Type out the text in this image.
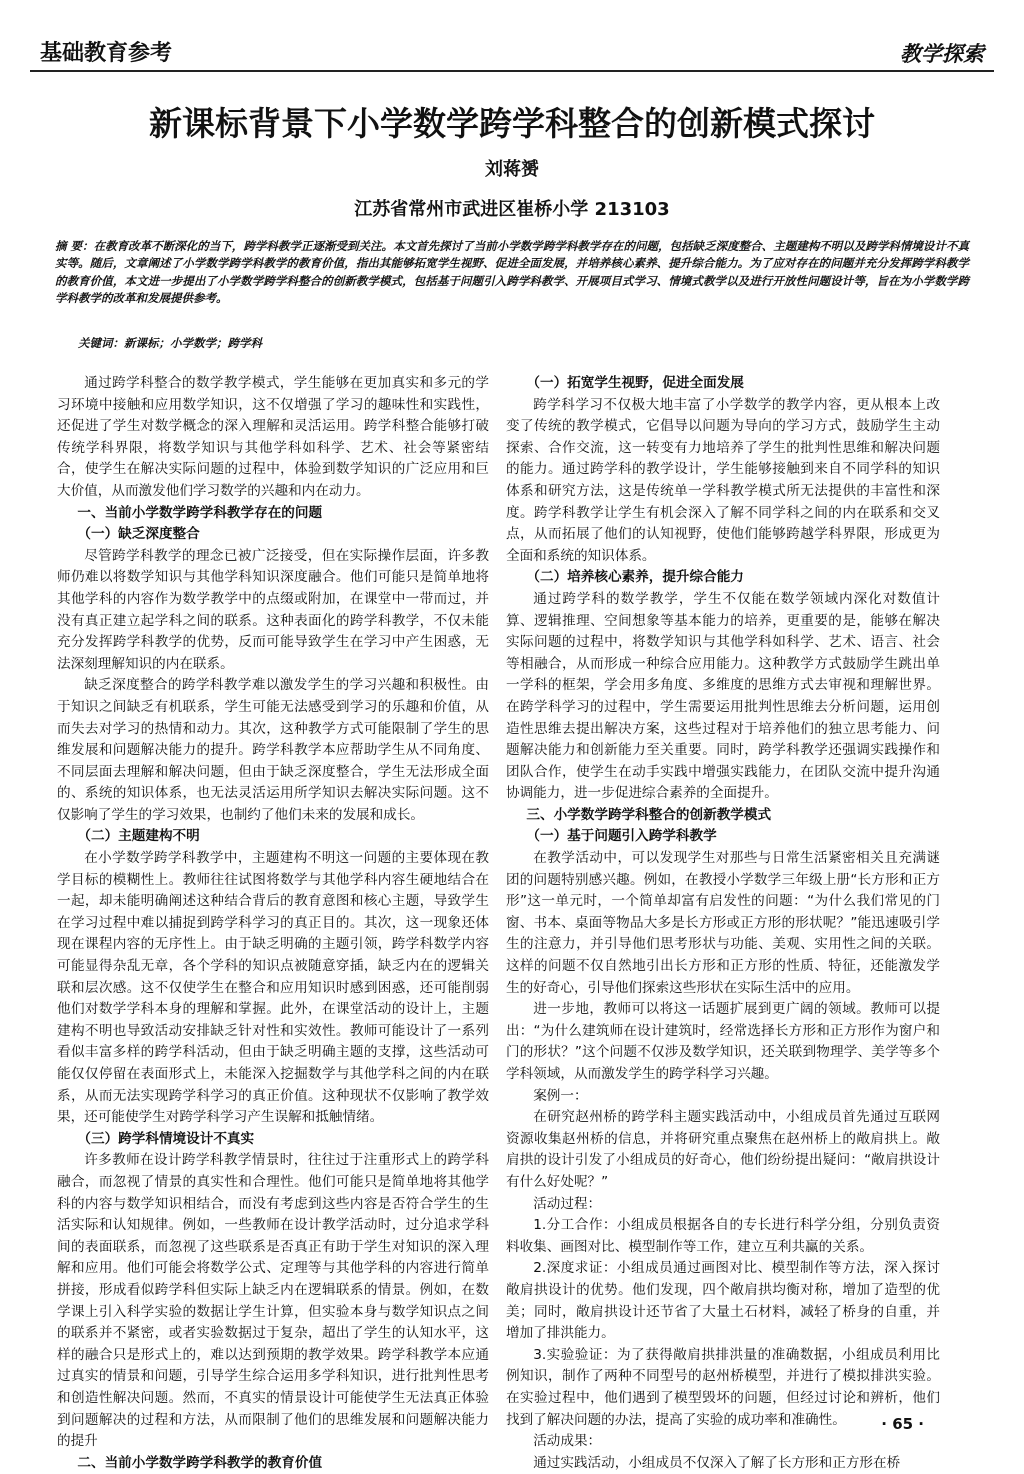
基础教育参考	教学探索
新课标背景下小学数学跨学科整合的创新模式探讨
刘蒋赟
江苏省常州市武进区崔桥小学 213103
摘 要：在教育改革不断深化的当下，跨学科教学正逐渐受到关注。本文首先探讨了当前小学数学跨学科教学存在的问题，包括缺乏深度整合、主题建构不明以及跨学科情境设计不真实等。随后，文章阐述了小学数学跨学科教学的教育价值，指出其能够拓宽学生视野、促进全面发展，并培养核心素养、提升综合能力。为了应对存在的问题并充分发挥跨学科教学的教育价值，本文进一步提出了小学数学跨学科整合的创新教学模式，包括基于问题引入跨学科教学、开展项目式学习、情境式教学以及进行开放性问题设计等，旨在为小学数学跨学科教学的改革和发展提供参考。
关键词：新课标；小学数学；跨学科

通过跨学科整合的数学教学模式，学生能够在更加真实和多元的学习环境中接触和应用数学知识，这不仅增强了学习的趣味性和实践性，还促进了学生对数学概念的深入理解和灵活运用。跨学科整合能够打破传统学科界限，将数学知识与其他学科如科学、艺术、社会等紧密结合，使学生在解决实际问题的过程中，体验到数学知识的广泛应用和巨大价值，从而激发他们学习数学的兴趣和内在动力。

一、当前小学数学跨学科教学存在的问题

（一）缺乏深度整合

尽管跨学科教学的理念已被广泛接受，但在实际操作层面，许多教师仍难以将数学知识与其他学科知识深度融合。他们可能只是简单地将其他学科的内容作为数学教学中的点缀或附加，在课堂中一带而过，并没有真正建立起学科之间的联系。这种表面化的跨学科教学，不仅未能充分发挥跨学科教学的优势，反而可能导致学生在学习中产生困惑，无法深刻理解知识的内在联系。

缺乏深度整合的跨学科教学难以激发学生的学习兴趣和积极性。由于知识之间缺乏有机联系，学生可能无法感受到学习的乐趣和价值，从而失去对学习的热情和动力。其次，这种教学方式可能限制了学生的思维发展和问题解决能力的提升。跨学科教学本应帮助学生从不同角度、不同层面去理解和解决问题，但由于缺乏深度整合，学生无法形成全面的、系统的知识体系，也无法灵活运用所学知识去解决实际问题。这不仅影响了学生的学习效果，也制约了他们未来的发展和成长。

（二）主题建构不明

在小学数学跨学科教学中，主题建构不明这一问题的主要体现在教学目标的模糊性上。教师往往试图将数学与其他学科内容生硬地结合在一起，却未能明确阐述这种结合背后的教育意图和核心主题，导致学生在学习过程中难以捕捉到跨学科学习的真正目的。其次，这一现象还体现在课程内容的无序性上。由于缺乏明确的主题引领，跨学科数学内容可能显得杂乱无章，各个学科的知识点被随意穿插，缺乏内在的逻辑关联和层次感。这不仅使学生在整合和应用知识时感到困惑，还可能削弱他们对数学学科本身的理解和掌握。此外，在课堂活动的设计上，主题建构不明也导致活动安排缺乏针对性和实效性。教师可能设计了一系列看似丰富多样的跨学科活动，但由于缺乏明确主题的支撑，这些活动可能仅仅停留在表面形式上，未能深入挖掘数学与其他学科之间的内在联系，从而无法实现跨学科学习的真正价值。这种现状不仅影响了教学效果，还可能使学生对跨学科学习产生误解和抵触情绪。

（三）跨学科情境设计不真实

许多教师在设计跨学科教学情景时，往往过于注重形式上的跨学科融合，而忽视了情景的真实性和合理性。他们可能只是简单地将其他学科的内容与数学知识相结合，而没有考虑到这些内容是否符合学生的生活实际和认知规律。例如，一些教师在设计教学活动时，过分追求学科间的表面联系，而忽视了这些联系是否真正有助于学生对知识的深入理解和应用。他们可能会将数学公式、定理等与其他学科的内容进行简单拼接，形成看似跨学科但实际上缺乏内在逻辑联系的情景。例如，在数学课上引入科学实验的数据让学生计算，但实验本身与数学知识点之间的联系并不紧密，或者实验数据过于复杂，超出了学生的认知水平，这样的融合只是形式上的，难以达到预期的教学效果。跨学科教学本应通过真实的情景和问题，引导学生综合运用多学科知识，进行批判性思考和创造性解决问题。然而，不真实的情景设计可能使学生无法真正体验到问题解决的过程和方法，从而限制了他们的思维发展和问题解决能力的提升

二、当前小学数学跨学科教学的教育价值

（一）拓宽学生视野，促进全面发展

跨学科学习不仅极大地丰富了小学数学的教学内容，更从根本上改变了传统的教学模式，它倡导以问题为导向的学习方式，鼓励学生主动探索、合作交流，这一转变有力地培养了学生的批判性思维和解决问题的能力。通过跨学科的教学设计，学生能够接触到来自不同学科的知识体系和研究方法，这是传统单一学科教学模式所无法提供的丰富性和深度。跨学科教学让学生有机会深入了解不同学科之间的内在联系和交叉点，从而拓展了他们的认知视野，使他们能够跨越学科界限，形成更为全面和系统的知识体系。

（二）培养核心素养，提升综合能力

通过跨学科的数学教学，学生不仅能在数学领域内深化对数值计算、逻辑推理、空间想象等基本能力的培养，更重要的是，能够在解决实际问题的过程中，将数学知识与其他学科如科学、艺术、语言、社会等相融合，从而形成一种综合应用能力。这种教学方式鼓励学生跳出单一学科的框架，学会用多角度、多维度的思维方式去审视和理解世界。在跨学科学习的过程中，学生需要运用批判性思维去分析问题，运用创造性思维去提出解决方案，这些过程对于培养他们的独立思考能力、问题解决能力和创新能力至关重要。同时，跨学科教学还强调实践操作和团队合作，使学生在动手实践中增强实践能力，在团队交流中提升沟通协调能力，进一步促进综合素养的全面提升。

三、小学数学跨学科整合的创新教学模式

（一）基于问题引入跨学科教学

在教学活动中，可以发现学生对那些与日常生活紧密相关且充满谜团的问题特别感兴趣。例如，在教授小学数学三年级上册“长方形和正方形”这一单元时，一个简单却富有启发性的问题：“为什么我们常见的门窗、书本、桌面等物品大多是长方形或正方形的形状呢？”能迅速吸引学生的注意力，并引导他们思考形状与功能、美观、实用性之间的关联。这样的问题不仅自然地引出长方形和正方形的性质、特征，还能激发学生的好奇心，引导他们探索这些形状在实际生活中的应用。

进一步地，教师可以将这一话题扩展到更广阔的领域。教师可以提出：“为什么建筑师在设计建筑时，经常选择长方形和正方形作为窗户和门的形状？”这个问题不仅涉及数学知识，还关联到物理学、美学等多个学科领域，从而激发学生的跨学科学习兴趣。

案例一：

在研究赵州桥的跨学科主题实践活动中，小组成员首先通过互联网资源收集赵州桥的信息，并将研究重点聚焦在赵州桥上的敞肩拱上。敞肩拱的设计引发了小组成员的好奇心，他们纷纷提出疑问：“敞肩拱设计有什么好处呢？”

活动过程：

1.分工合作：小组成员根据各自的专长进行科学分组，分别负责资料收集、画图对比、模型制作等工作，建立互利共赢的关系。

2.深度求证：小组成员通过画图对比、模型制作等方法，深入探讨敞肩拱设计的优势。他们发现，四个敞肩拱均衡对称，增加了造型的优美；同时，敞肩拱设计还节省了大量土石材料，减轻了桥身的自重，并增加了排洪能力。

3.实验验证：为了获得敞肩拱排洪量的准确数据，小组成员利用比例知识，制作了两种不同型号的赵州桥模型，并进行了模拟排洪实验。在实验过程中，他们遇到了模型毁坏的问题，但经过讨论和辨析，他们找到了解决问题的办法，提高了实验的成功率和准确性。

活动成果：

通过实践活动，小组成员不仅深入了解了长方形和正方形在桥

· 65 ·
